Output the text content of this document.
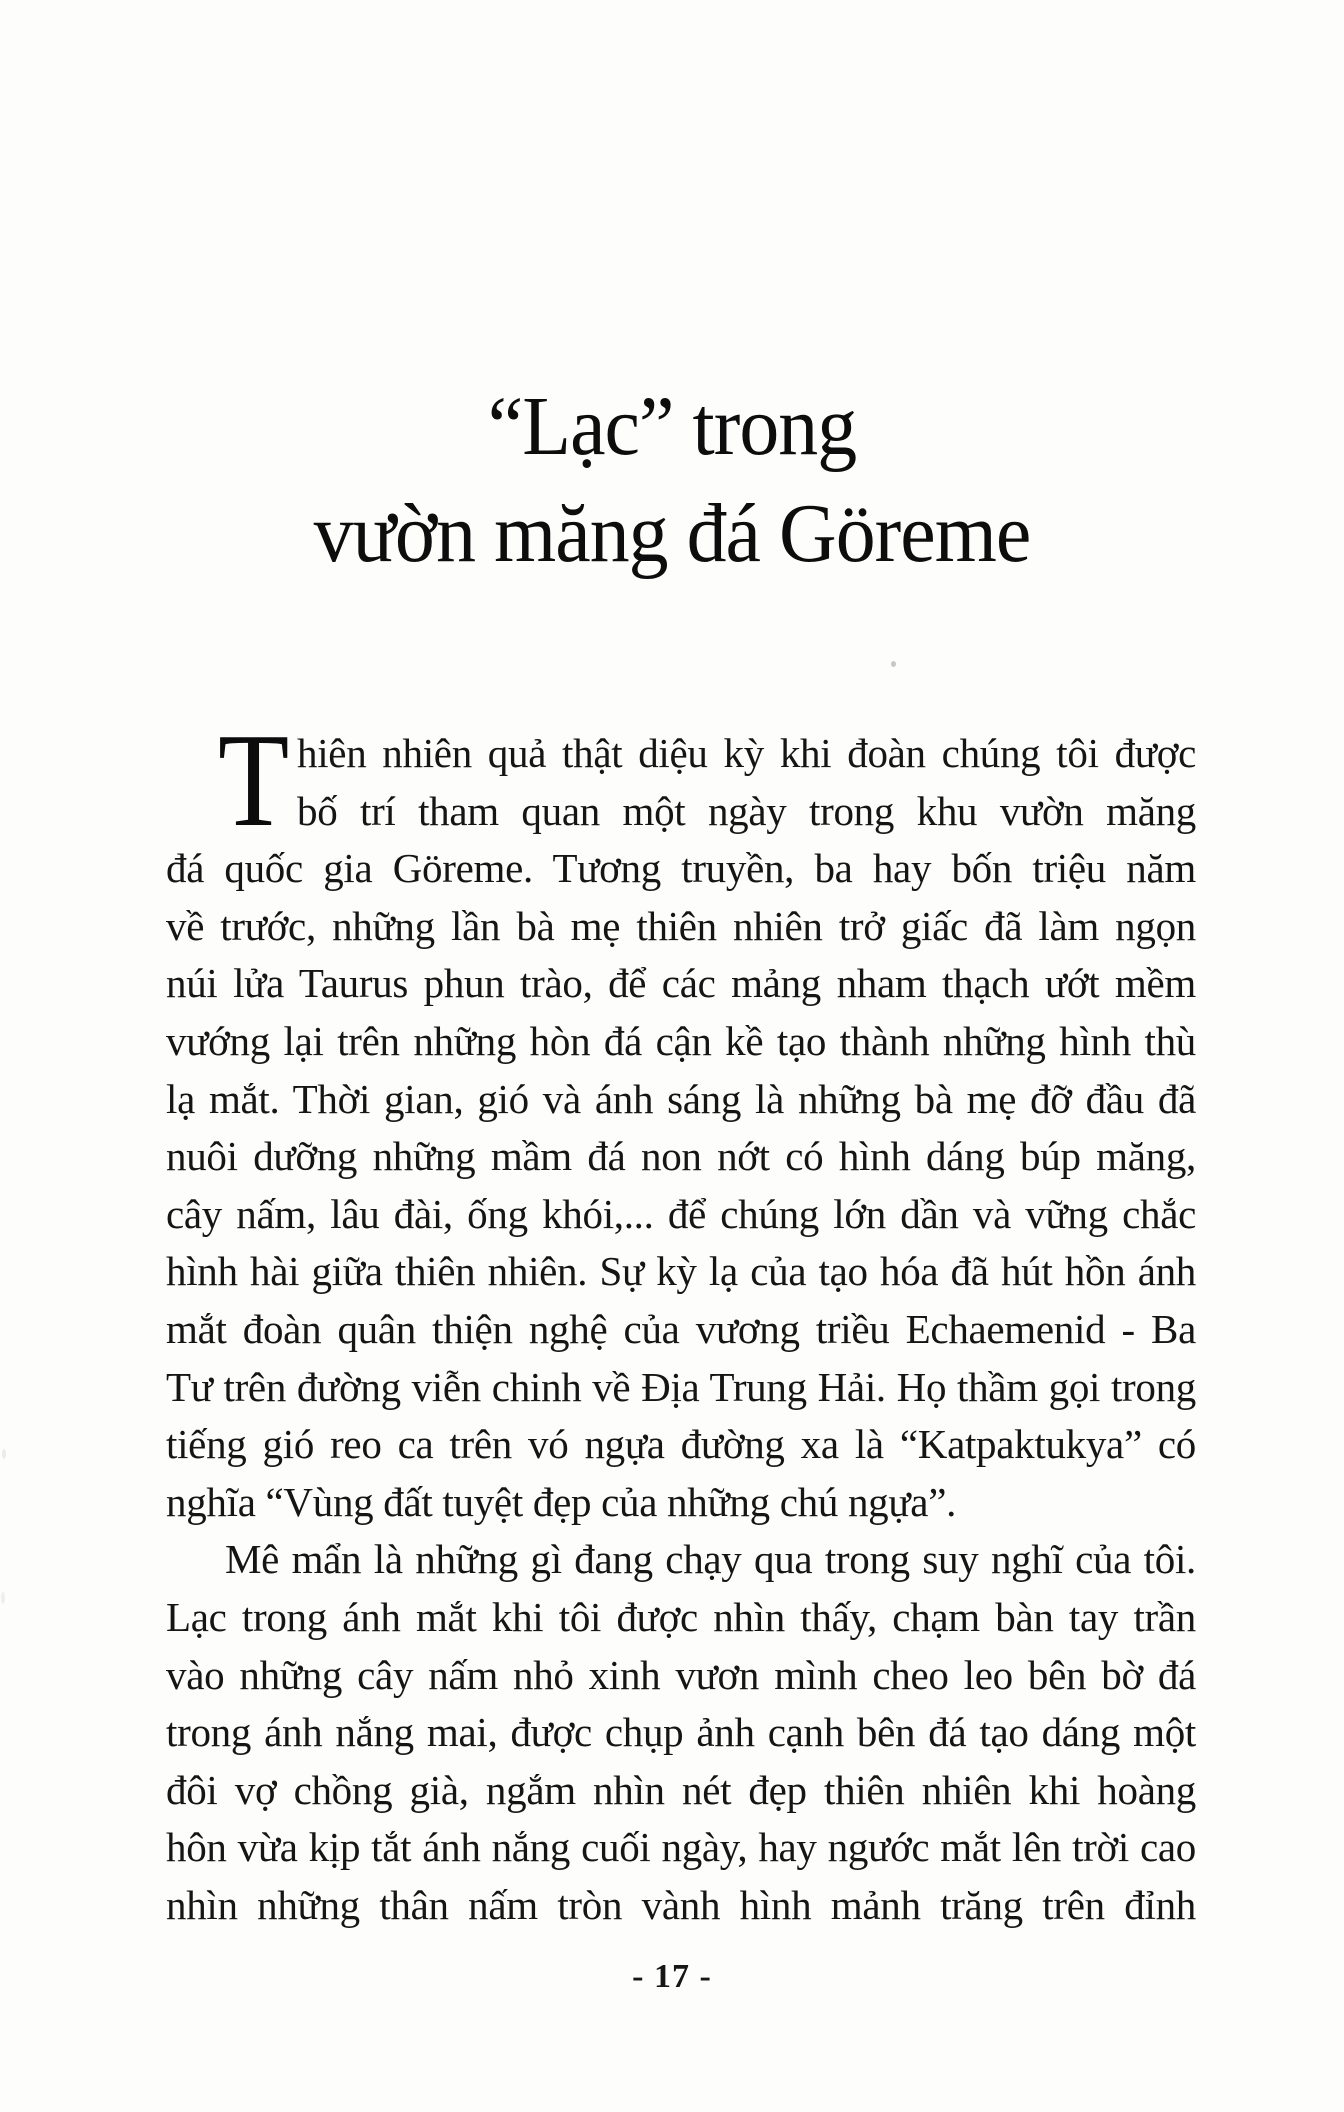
“Lạc” trong
vườn măng đá Göreme
T hiên nhiên quả thật diệu kỳ khi đoàn chúng tôi được
bố trí tham quan một ngày trong khu vườn măng
đá quốc gia Göreme. Tương truyền, ba hay bốn triệu năm
về trước, những lần bà mẹ thiên nhiên trở giấc đã làm ngọn
núi lửa Taurus phun trào, để các mảng nham thạch ướt mềm
vướng lại trên những hòn đá cận kề tạo thành những hình thù
lạ mắt. Thời gian, gió và ánh sáng là những bà mẹ đỡ đầu đã
nuôi dưỡng những mầm đá non nớt có hình dáng búp măng,
cây nấm, lâu đài, ống khói,... để chúng lớn dần và vững chắc
hình hài giữa thiên nhiên. Sự kỳ lạ của tạo hóa đã hút hồn ánh
mắt đoàn quân thiện nghệ của vương triều Echaemenid - Ba
Tư trên đường viễn chinh về Địa Trung Hải. Họ thầm gọi trong
tiếng gió reo ca trên vó ngựa đường xa là “Katpaktukya” có
nghĩa “Vùng đất tuyệt đẹp của những chú ngựa”.
Mê mẩn là những gì đang chạy qua trong suy nghĩ của tôi.
Lạc trong ánh mắt khi tôi được nhìn thấy, chạm bàn tay trần
vào những cây nấm nhỏ xinh vươn mình cheo leo bên bờ đá
trong ánh nắng mai, được chụp ảnh cạnh bên đá tạo dáng một
đôi vợ chồng già, ngắm nhìn nét đẹp thiên nhiên khi hoàng
hôn vừa kịp tắt ánh nắng cuối ngày, hay ngước mắt lên trời cao
nhìn những thân nấm tròn vành hình mảnh trăng trên đỉnh
- 17 -
